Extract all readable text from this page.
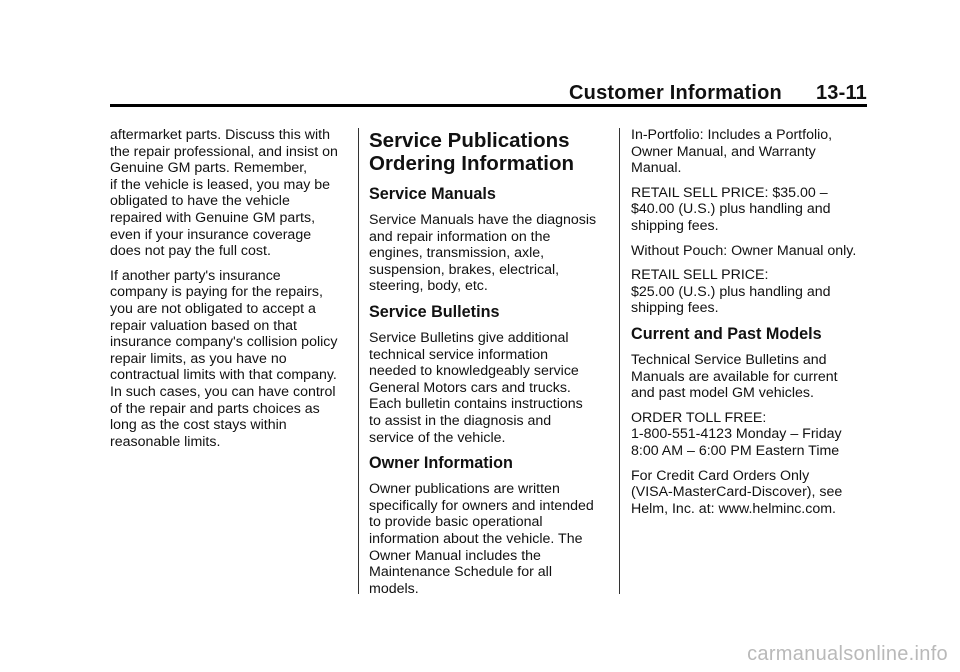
Customer Information 13-11

aftermarket parts. Discuss this with
the repair professional, and insist on
Genuine GM parts. Remember,
if the vehicle is leased, you may be
obligated to have the vehicle
repaired with Genuine GM parts,
even if your insurance coverage
does not pay the full cost.

If another party's insurance
company is paying for the repairs,
you are not obligated to accept a
repair valuation based on that
insurance company's collision policy
repair limits, as you have no
contractual limits with that company.
In such cases, you can have control
of the repair and parts choices as
long as the cost stays within
reasonable limits.

Service Publications
Ordering Information
Service Manuals

Service Manuals have the diagnosis
and repair information on the
engines, transmission, axle,
suspension, brakes, electrical,
steering, body, etc.

Service Bulletins

Service Bulletins give additional
technical service information
needed to knowledgeably service
General Motors cars and trucks.
Each bulletin contains instructions
to assist in the diagnosis and
service of the vehicle.

Owner Information

Owner publications are written
specifically for owners and intended
to provide basic operational
information about the vehicle. The
Owner Manual includes the
Maintenance Schedule for all
models.

In-Portfolio: Includes a Portfolio,
Owner Manual, and Warranty
Manual.

RETAIL SELL PRICE: $35.00 –
$40.00 (U.S.) plus handling and
shipping fees.

Without Pouch: Owner Manual only.

RETAIL SELL PRICE:
$25.00 (U.S.) plus handling and
shipping fees.

Current and Past Models

Technical Service Bulletins and
Manuals are available for current
and past model GM vehicles.

ORDER TOLL FREE:
1-800-551-4123 Monday – Friday
8:00 AM – 6:00 PM Eastern Time

For Credit Card Orders Only
(VISA-MasterCard-Discover), see
Helm, Inc. at: www.helminc.com.

carmanualsonline.info
